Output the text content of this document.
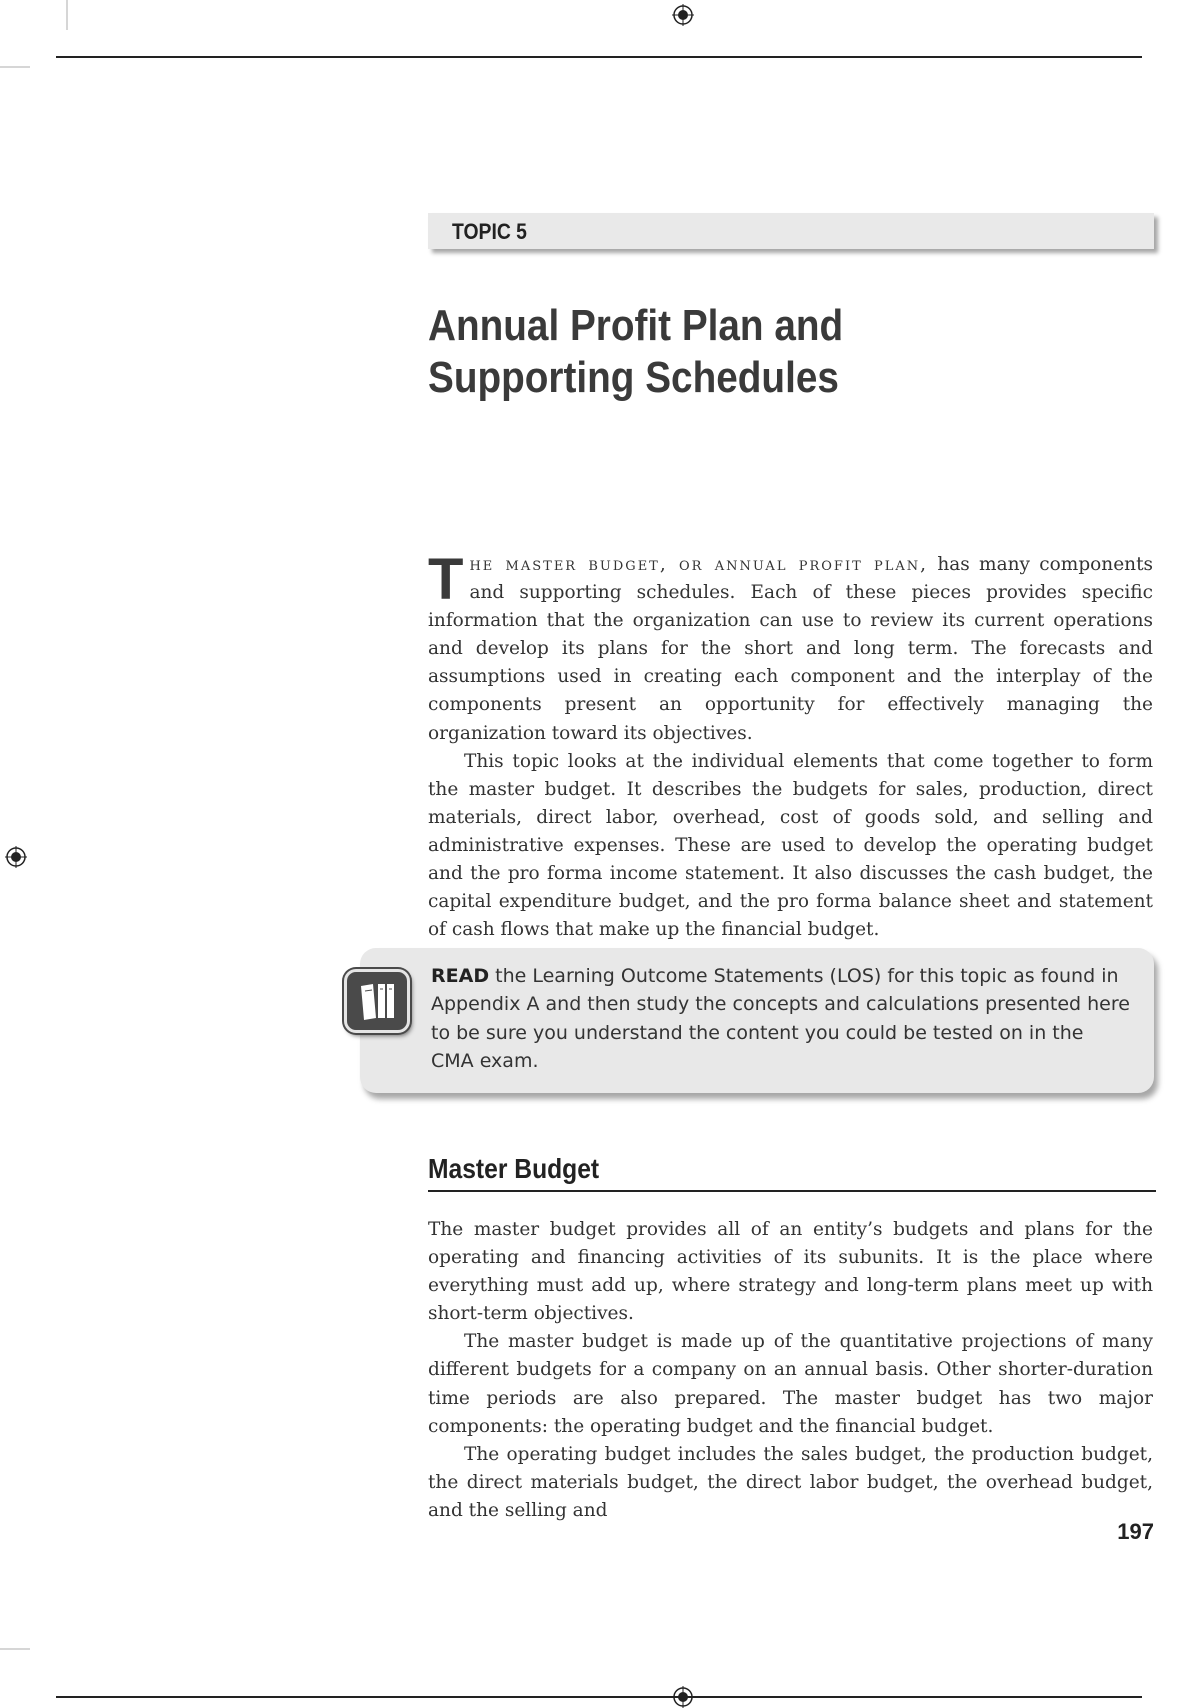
TOPIC 5
Annual Profit Plan and
Supporting Schedules

The master budget, or annual profit plan, has many components and supporting schedules. Each of these pieces provides specific information that the organization can use to review its current operations and develop its plans for the short and long term. The forecasts and assumptions used in creating each component and the interplay of the components present an opportunity for effectively managing the organization toward its objectives.

This topic looks at the individual elements that come together to form the master budget. It describes the budgets for sales, production, direct materials, direct labor, overhead, cost of goods sold, and selling and administrative expenses. These are used to develop the operating budget and the pro forma income statement. It also discusses the cash budget, the capital expenditure budget, and the pro forma balance sheet and statement of cash flows that make up the financial budget.

READ the Learning Outcome Statements (LOS) for this topic as found in Appendix A and then study the concepts and calculations presented here to be sure you understand the content you could be tested on in the CMA exam.
Master Budget

The master budget provides all of an entity’s budgets and plans for the operating and financing activities of its subunits. It is the place where everything must add up, where strategy and long-term plans meet up with short-term objectives.

The master budget is made up of the quantitative projections of many different budgets for a company on an annual basis. Other shorter-duration time periods are also prepared. The master budget has two major components: the operating budget and the financial budget.

The operating budget includes the sales budget, the production budget, the direct materials budget, the direct labor budget, the overhead budget, and the selling and

197
